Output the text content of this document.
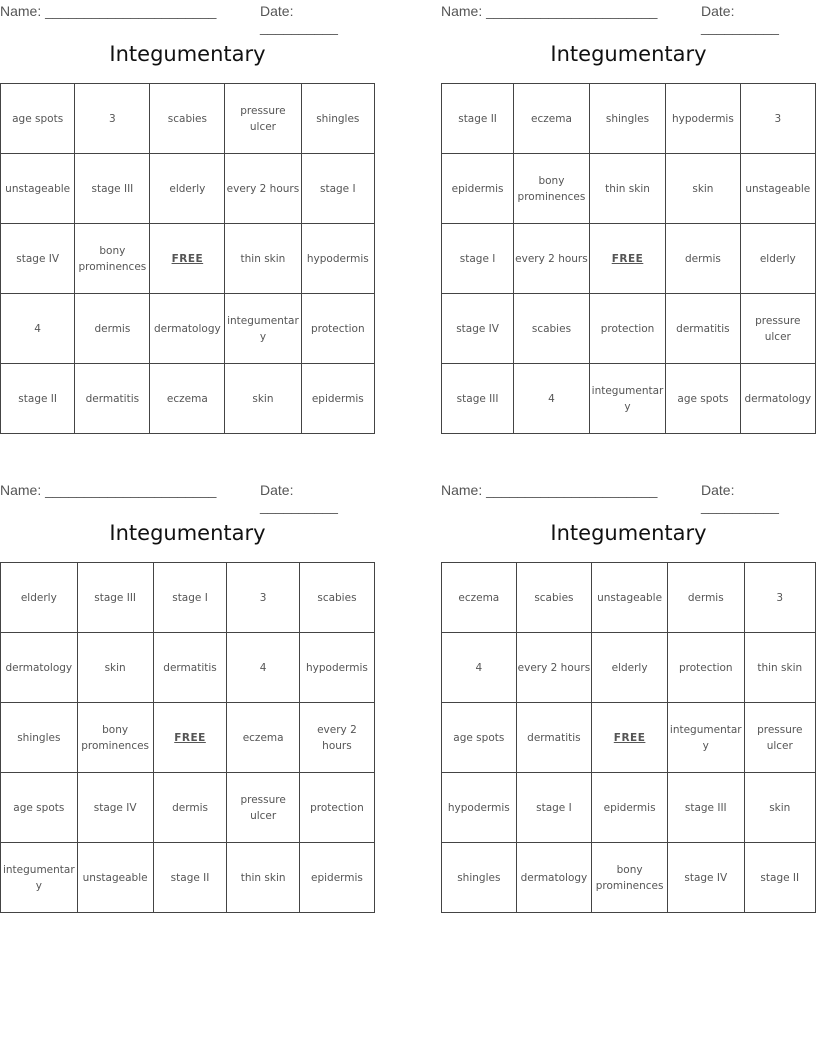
Name: ______________________	Date: __________
Integumentary
age spots	3	scabies	pressure ulcer	shingles
unstageable	stage III	elderly	every 2 hours	stage I
stage IV	bony prominences	FREE	thin skin	hypodermis
4	dermis	dermatology	integumentar y	protection
stage II	dermatitis	eczema	skin	epidermis
Name: ______________________	Date: __________
Integumentary
stage II	eczema	shingles	hypodermis	3
epidermis	bony prominences	thin skin	skin	unstageable
stage I	every 2 hours	FREE	dermis	elderly
stage IV	scabies	protection	dermatitis	pressure ulcer
stage III	4	integumentar y	age spots	dermatology
Name: ______________________	Date: __________
Integumentary
elderly	stage III	stage I	3	scabies
dermatology	skin	dermatitis	4	hypodermis
shingles	bony prominences	FREE	eczema	every 2 hours
age spots	stage IV	dermis	pressure ulcer	protection
integumentar y	unstageable	stage II	thin skin	epidermis
Name: ______________________	Date: __________
Integumentary
eczema	scabies	unstageable	dermis	3
4	every 2 hours	elderly	protection	thin skin
age spots	dermatitis	FREE	integumentar y	pressure ulcer
hypodermis	stage I	epidermis	stage III	skin
shingles	dermatology	bony prominences	stage IV	stage II
